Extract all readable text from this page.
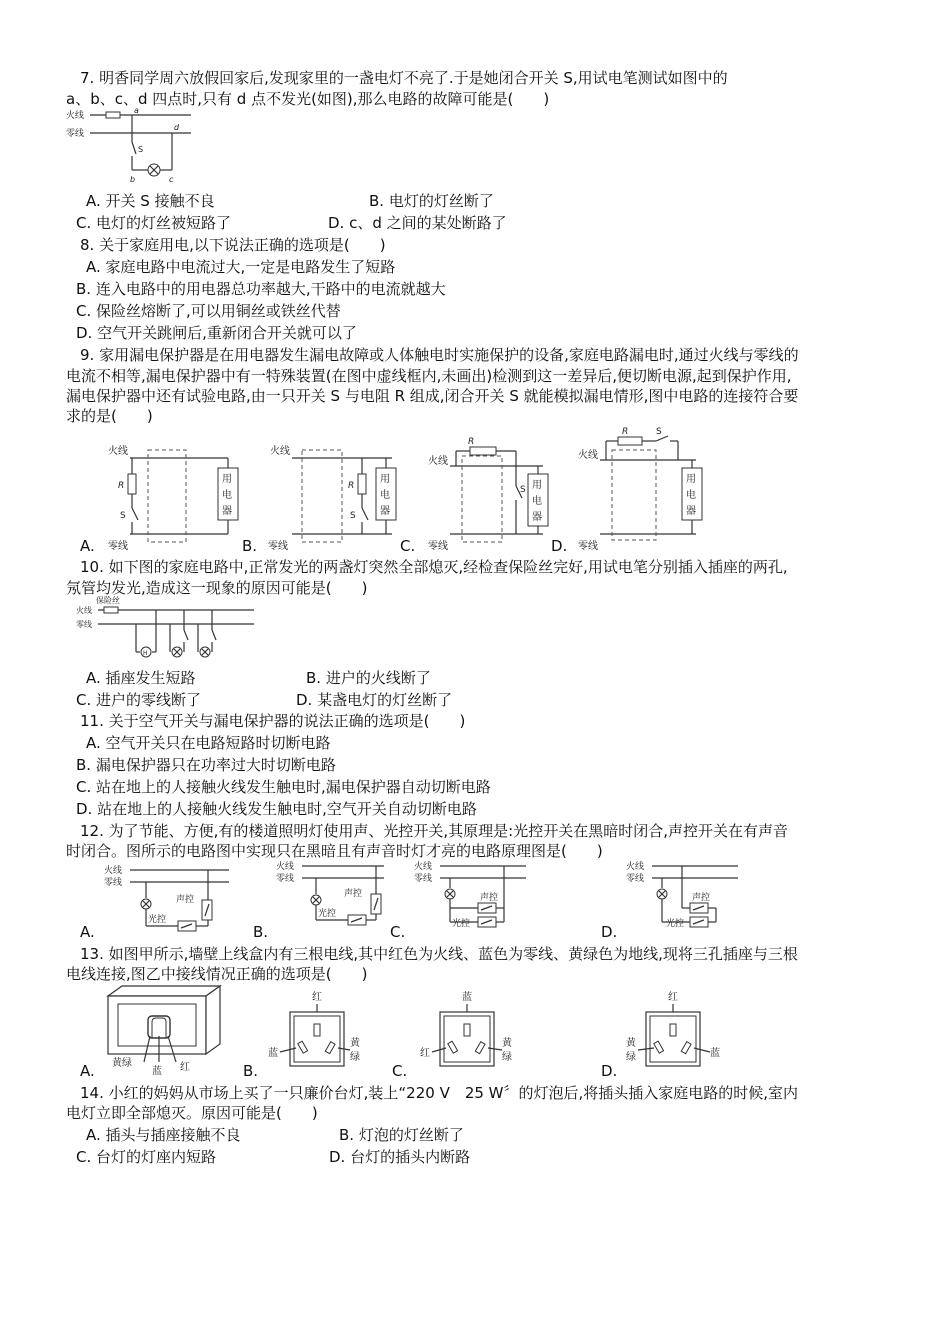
7. 明香同学周六放假回家后,发现家里的一盏电灯不亮了.于是她闭合开关 S,用试电笔测试如图中的
a、b、c、d 四点时,只有 d 点不发光(如图),那么电路的故障可能是(　　)
火线
零线
a
b	c
d
S
A. 开关 S 接触不良	B. 电灯的灯丝断了
C. 电灯的灯丝被短路了	D. c、d 之间的某处断路了
8. 关于家庭用电,以下说法正确的选项是(　　)
A. 家庭电路中电流过大,一定是电路发生了短路
B. 连入电路中的用电器总功率越大,干路中的电流就越大
C. 保险丝熔断了,可以用铜丝或铁丝代替
D. 空气开关跳闸后,重新闭合开关就可以了
9. 家用漏电保护器是在用电器发生漏电故障或人体触电时实施保护的设备,家庭电路漏电时,通过火线与零线的
电流不相等,漏电保护器中有一特殊装置(在图中虚线框内,未画出)检测到这一差异后,便切断电源,起到保护作用,
漏电保护器中还有试验电路,由一只开关 S 与电阻 R 组成,闭合开关 S 就能模拟漏电情形,图中电路的连接符合要
求的是(　　)
火线
R
S
用
电
器
A. 零线
火线
R
S
用
电
器
B. 零线
R
火线
S 用
电
器
C. 零线
R	S
火线
用
电
器
D. 零线
10. 如下图的家庭电路中,正常发光的两盏灯突然全部熄灭,经检查保险丝完好,用试电笔分别插入插座的两孔,
氖管均发光,造成这一现象的原因可能是(　　)
保险丝
火线
零线
H
A. 插座发生短路	B. 进户的火线断了
C. 进户的零线断了	D. 某盏电灯的灯丝断了
11. 关于空气开关与漏电保护器的说法正确的选项是(　　)
A. 空气开关只在电路短路时切断电路
B. 漏电保护器只在功率过大时切断电路
C. 站在地上的人接触火线发生触电时,漏电保护器自动切断电路
D. 站在地上的人接触火线发生触电时,空气开关自动切断电路
12. 为了节能、方便,有的楼道照明灯使用声、光控开关,其原理是:光控开关在黑暗时闭合,声控开关在有声音
时闭合。图所示的电路图中实现只在黑暗且有声音时灯才亮的电路原理图是(　　)
火线
零线
光控
声控
A.
火线
零线
光控
声控
B.
火线
零线
声控
光控
C.
火线
零线
光控
声控
D.
13. 如图甲所示,墙壁上线盒内有三根电线,其中红色为火线、蓝色为零线、黄绿色为地线,现将三孔插座与三根
电线连接,图乙中接线情况正确的选项是(　　)
黄绿
蓝 红
A.
红
蓝
黄
绿
B.
蓝
红
黄
绿
C.
红
黄
绿	蓝
D.
14. 小红的妈妈从市场上买了一只廉价台灯,装上“220 V　25 W〞的灯泡后,将插头插入家庭电路的时候,室内
电灯立即全部熄灭。原因可能是(　　)
A. 插头与插座接触不良	B. 灯泡的灯丝断了
C. 台灯的灯座内短路	D. 台灯的插头内断路
